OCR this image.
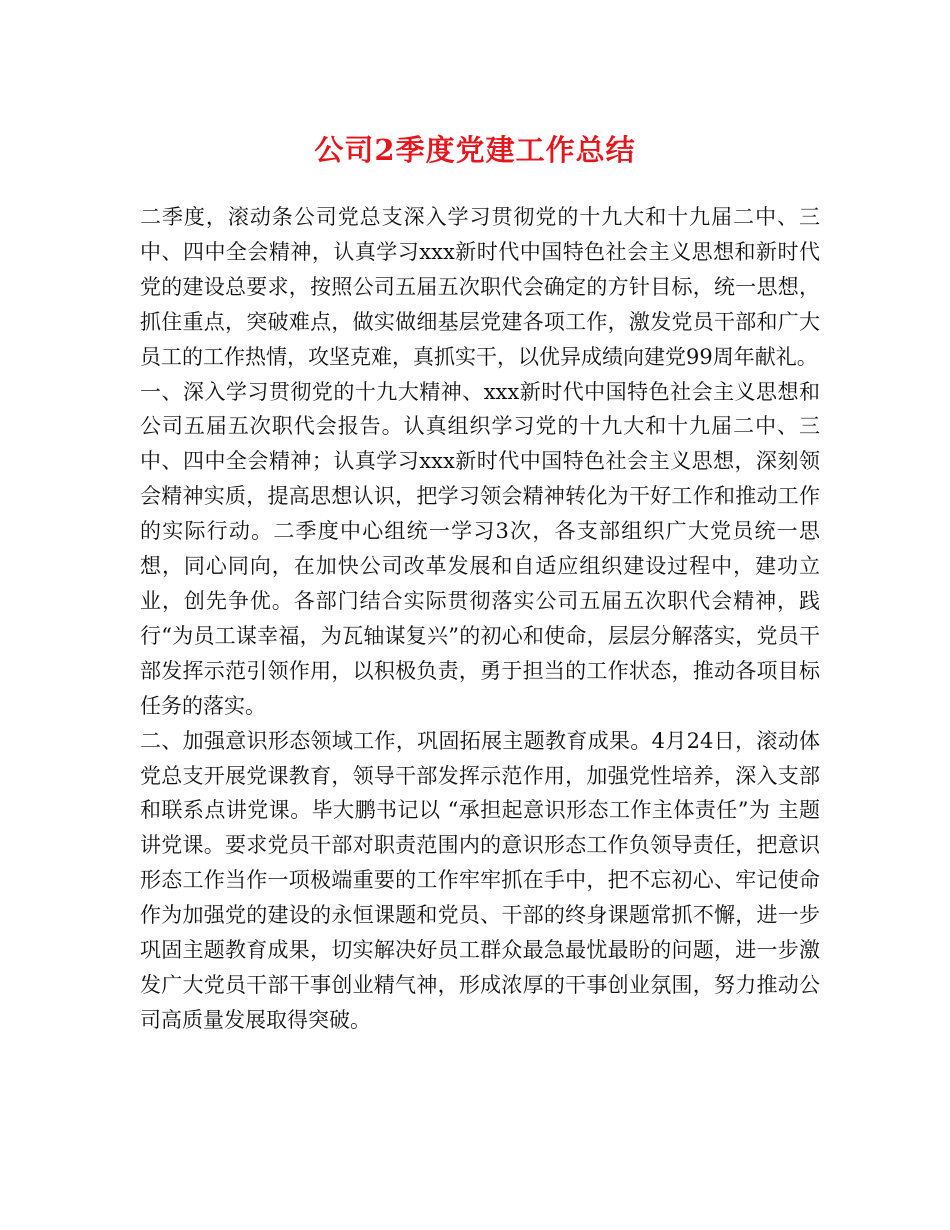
公司2季度党建工作总结

二季度，滚动条公司党总支深入学习贯彻党的十九大和十九届二中、三中、四中全会精神，认真学习xxx新时代中国特色社会主义思想和新时代党的建设总要求，按照公司五届五次职代会确定的方针目标，统一思想，抓住重点，突破难点，做实做细基层党建各项工作，激发党员干部和广大员工的工作热情，攻坚克难，真抓实干，以优异成绩向建党99周年献礼。

一、深入学习贯彻党的十九大精神、xxx新时代中国特色社会主义思想和公司五届五次职代会报告。认真组织学习党的十九大和十九届二中、三中、四中全会精神；认真学习xxx新时代中国特色社会主义思想，深刻领会精神实质，提高思想认识，把学习领会精神转化为干好工作和推动工作的实际行动。二季度中心组统一学习3次，各支部组织广大党员统一思想，同心同向，在加快公司改革发展和自适应组织建设过程中，建功立业，创先争优。各部门结合实际贯彻落实公司五届五次职代会精神，践行“为员工谋幸福，为瓦轴谋复兴”的初心和使命，层层分解落实，党员干部发挥示范引领作用，以积极负责，勇于担当的工作状态，推动各项目标任务的落实。

二、加强意识形态领域工作，巩固拓展主题教育成果。4月24日，滚动体党总支开展党课教育，领导干部发挥示范作用，加强党性培养，深入支部和联系点讲党课。毕大鹏书记以 “承担起意识形态工作主体责任”为 主题讲党课。要求党员干部对职责范围内的意识形态工作负领导责任，把意识形态工作当作一项极端重要的工作牢牢抓在手中，把不忘初心、牢记使命作为加强党的建设的永恒课题和党员、干部的终身课题常抓不懈，进一步巩固主题教育成果，切实解决好员工群众最急最忧最盼的问题，进一步激发广大党员干部干事创业精气神，形成浓厚的干事创业氛围，努力推动公司高质量发展取得突破。
